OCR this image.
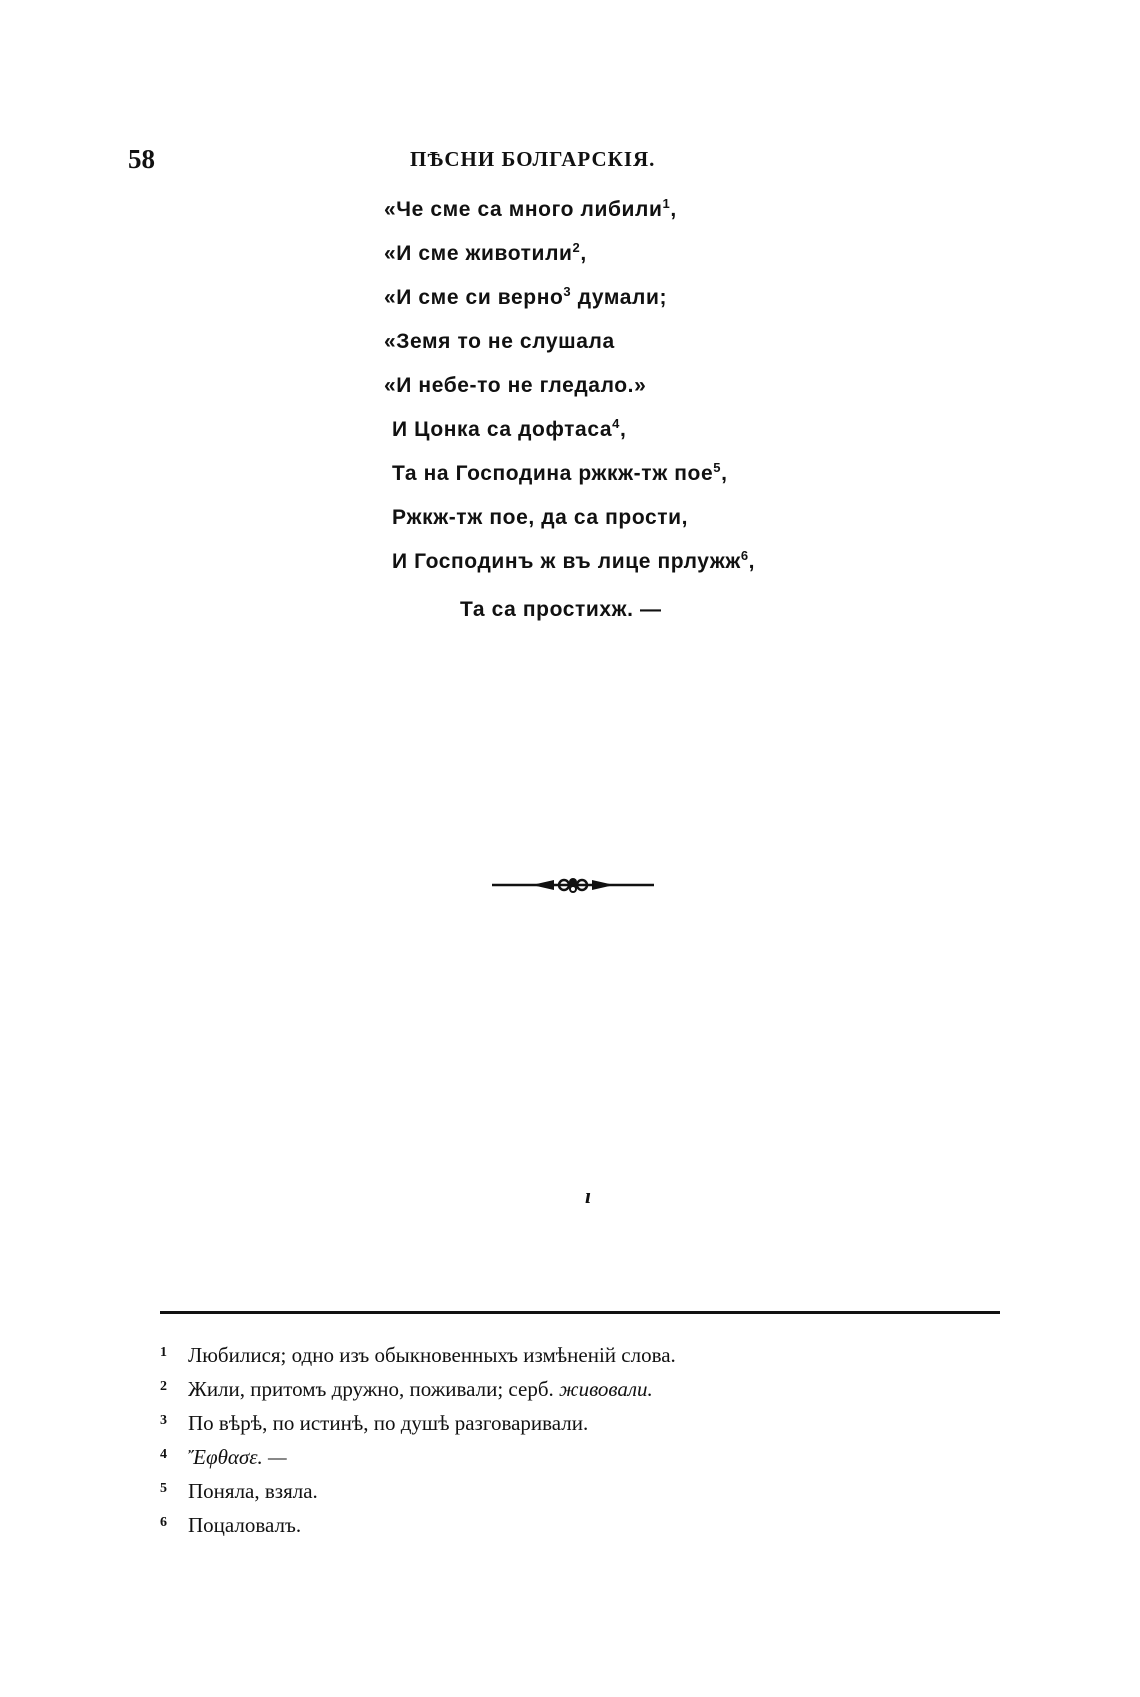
58	ПѢСНИ БОЛГАРСКІЯ.
«Че сме са много либили$^1$,
«И сме животили$^2$,
«И сме си верно$^3$ думали;
«Земя то не слушала
«И небе-то не гледало.»
И Цонка са дофтаса$^4$,
Та на Господина ржкж-тж пое$^5$,
Ржкж-тж пое, да са прости,
И Господинъ ж въ лице прлужж$^6$,
Та са простихж. —
ı
1 Любилися; одно изъ обыкновенныхъ измѣненій слова.
2 Жили, притомъ дружно, поживали; серб. живовали.
3 По вѣрѣ, по истинѣ, по душѣ разговаривали.
4 Ἔφθασε. —
5 Поняла, взяла.
6 Поцаловалъ.
